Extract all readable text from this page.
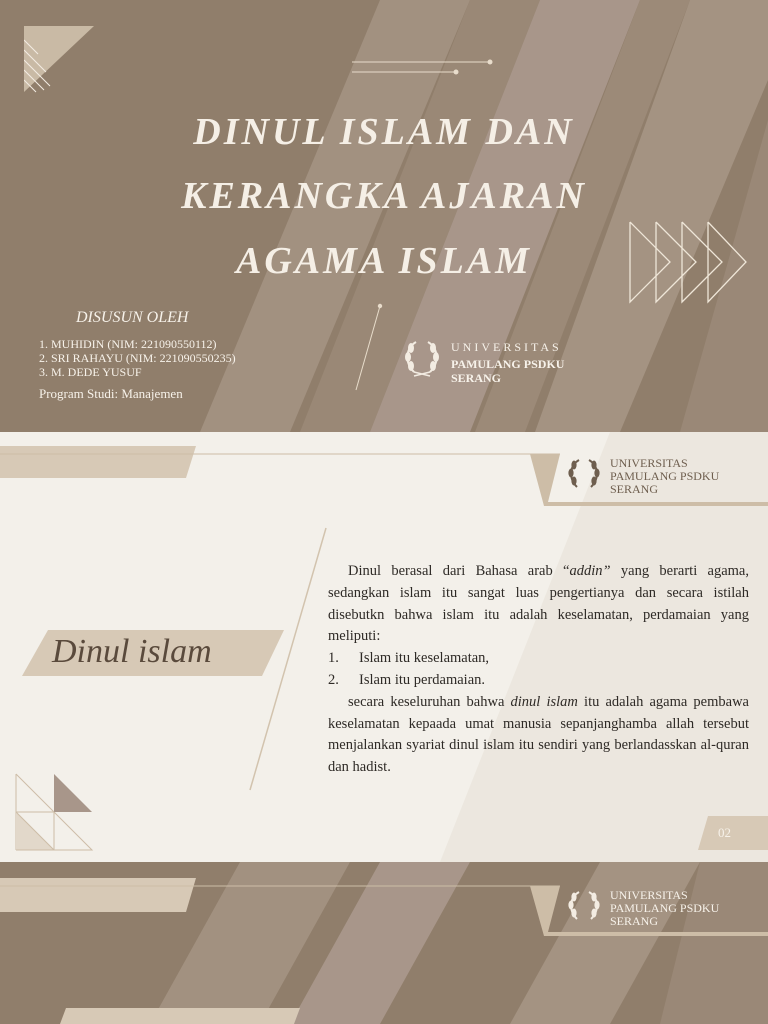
DINUL ISLAM DAN
KERANGKA AJARAN
AGAMA ISLAM
DISUSUN OLEH
1. MUHIDIN (NIM: 221090550112)
2. SRI RAHAYU (NIM: 221090550235)
3. M. DEDE YUSUF
Program Studi: Manajemen
UNIVERSITAS
PAMULANG PSDKU
SERANG
UNIVERSITAS
PAMULANG PSDKU
SERANG
Dinul islam

Dinul berasal dari Bahasa arab “addin” yang berarti agama, sedangkan islam itu sangat luas pengertianya dan secara istilah disebutkn bahwa islam itu adalah keselamatan, perdamaian yang meliputi:

1.	Islam itu keselamatan,
2.	Islam itu perdamaian.

secara keseluruhan bahwa dinul islam itu adalah agama pembawa keselamatan kepaada umat manusia sepanjanghamba allah tersebut menjalankan syariat dinul islam itu sendiri yang berlandasskan al-quran dan hadist.

02
UNIVERSITAS
PAMULANG PSDKU
SERANG
